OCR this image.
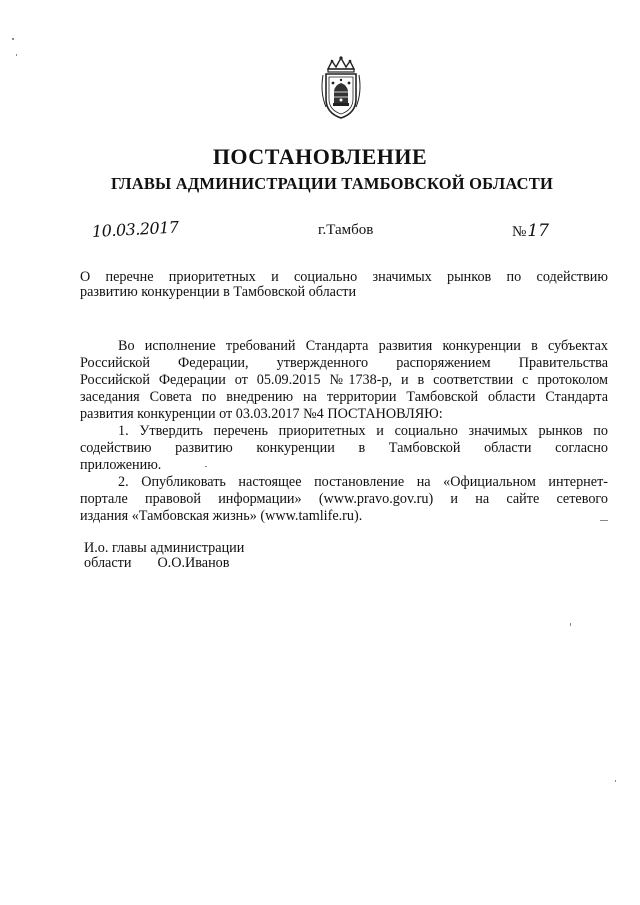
ПОСТАНОВЛЕНИЕ
ГЛАВЫ АДМИНИСТРАЦИИ ТАМБОВСКОЙ ОБЛАСТИ
10.03.2017	г.Тамбов	№17
О перечне приоритетных и социально значимых рынков по содействию
развитию конкуренции в Тамбовской области
Во исполнение требований Стандарта развития конкуренции в субъектах
Российской Федерации, утвержденного распоряжением Правительства
Российской Федерации от 05.09.2015 №1738-р, и в соответствии с протоколом
заседания Совета по внедрению на территории Тамбовской области Стандарта
развития конкуренции от 03.03.2017 №4 ПОСТАНОВЛЯЮ:
1. Утвердить перечень приоритетных и социально значимых рынков по
содействию развитию конкуренции в Тамбовской области согласно
приложению.
2. Опубликовать настоящее постановление на «Официальном интернет-
портале правовой информации» (www.pravo.gov.ru) и на сайте сетевого
издания «Тамбовская жизнь» (www.tamlife.ru).
И.о. главы администрации
области О.О.Иванов
